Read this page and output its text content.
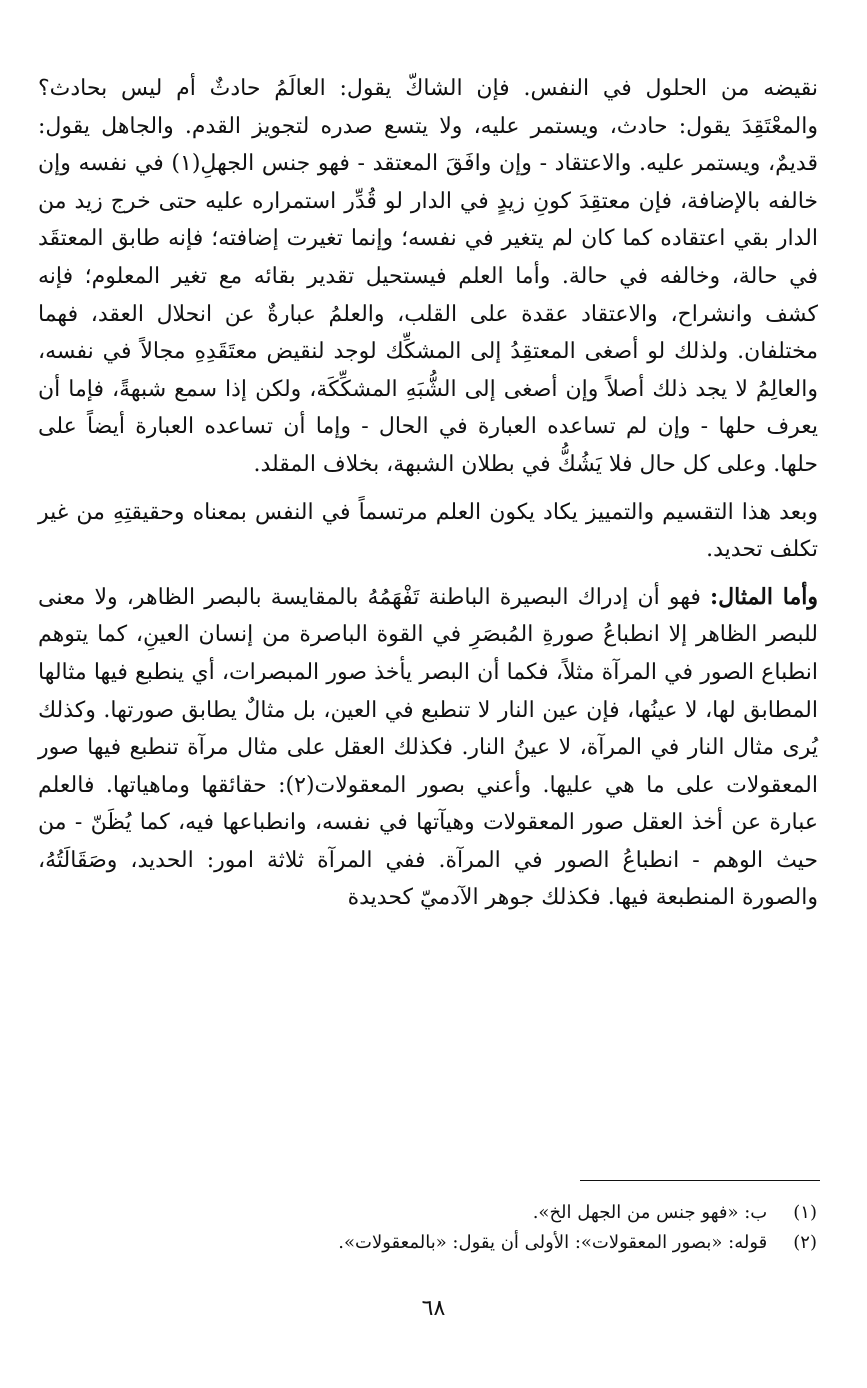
نقيضه من الحلول في النفس. فإن الشاكّ يقول: العالَمُ حادثٌ أم ليس بحادث؟ والمعْتَقِدَ يقول: حادث، ويستمر عليه، ولا يتسع صدره لتجويز القدم. والجاهل يقول: قديمٌ، ويستمر عليه. والاعتقاد - وإن وافَقَ المعتقد - فهو جنس الجهلِ(١) في نفسه وإن خالفه بالإضافة، فإن معتقِدَ كونِ زيدٍ في الدار لو قُدِّر استمراره عليه حتى خرج زيد من الدار بقي اعتقاده كما كان لم يتغير في نفسه؛ وإنما تغيرت إضافته؛ فإنه طابق المعتقَد في حالة، وخالفه في حالة. وأما العلم فيستحيل تقدير بقائه مع تغير المعلوم؛ فإنه كشف وانشراح، والاعتقاد عقدة على القلب، والعلمُ عبارةٌ عن انحلال العقد، فهما مختلفان. ولذلك لو أصغى المعتقِدُ إلى المشكِّك لوجد لنقيض معتَقَدِهِ مجالاً في نفسه، والعالِمُ لا يجد ذلك أصلاً وإن أصغى إلى الشُّبَهِ المشكِّكَة، ولكن إذا سمع شبهةً، فإما أن يعرف حلها - وإن لم تساعده العبارة في الحال - وإما أن تساعده العبارة أيضاً على حلها. وعلى كل حال فلا يَشُكُّ في بطلان الشبهة، بخلاف المقلد.

وبعد هذا التقسيم والتمييز يكاد يكون العلم مرتسماً في النفس بمعناه وحقيقتِهِ من غير تكلف تحديد.

وأما المثال: فهو أن إدراك البصيرة الباطنة تَفْهَمُهُ بالمقايسة بالبصر الظاهر، ولا معنى للبصر الظاهر إلا انطباعُ صورةِ المُبصَرِ في القوة الباصرة من إنسان العينِ، كما يتوهم انطباع الصور في المرآة مثلاً، فكما أن البصر يأخذ صور المبصرات، أي ينطبع فيها مثالها المطابق لها، لا عينُها، فإن عين النار لا تنطبع في العين، بل مثالٌ يطابق صورتها. وكذلك يُرى مثال النار في المرآة، لا عينُ النار. فكذلك العقل على مثال مرآة تنطبع فيها صور المعقولات على ما هي عليها. وأعني بصور المعقولات(٢): حقائقها وماهياتها. فالعلم عبارة عن أخذ العقل صور المعقولات وهيآتها في نفسه، وانطباعها فيه، كما يُظَنّ - من حيث الوهم - انطباعُ الصور في المرآة. ففي المرآة ثلاثة امور: الحديد، وصَقَالَتُهُ، والصورة المنطبعة فيها. فكذلك جوهر الآدميّ كحديدة

(١) ب: «فهو جنس من الجهل الخ».
(٢) قوله: «بصور المعقولات»: الأولى أن يقول: «بالمعقولات».
٦٨
